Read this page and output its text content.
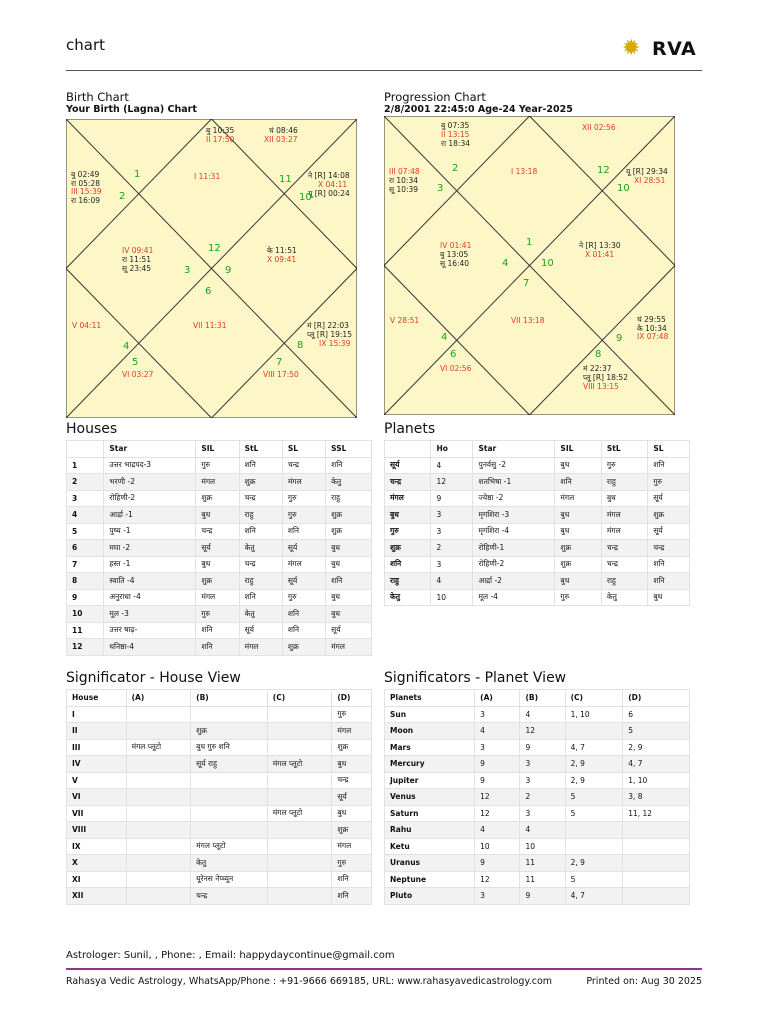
chart	✹ RVA
Birth Chart
Your Birth (Lagna) Chart
बु 10:35
II 17:50
चं 08:46
XII 03:27
बु 02:49
रा 05:28
III 15:39
रा 16:09
I 11:31	ने [R] 14:08
X 04:11
यू [R] 00:24
IV 09:41
रा 11:51
सू 23:45
के 11:51
X 09:41
V 04:11	VII 11:31	मं [R] 22:03
प्लू [R] 19:15
IX 15:39
VI 03:27	VIII 17:50
1
2
11
10
12
3	9
6
4
5
8
7
Progression Chart
2/8/2001 22:45:0 Age-24 Year-2025
बु 07:35
II 13:15
रा 18:34
XII 02:56
III 07:48
रा 10:34
सू 10:39
I 13:18	यू [R] 29:34
XI 28:51
IV 01:41
बु 13:05
सू 16:40
ने [R] 13:30
X 01:41
V 28:51	VII 13:18	चं 29:55
के 10:34
IX 07:48
VI 02:56	मं 22:37
प्लू [R] 18:52
VIII 13:15
2
3
12
10
1
4	10
7
4
6
9
8
Houses
	Star	SIL	StL	SL	SSL
1	उत्तर भाद्रपद-3	गुरु	शनि	चन्द्र	शनि
2	भरणी -2	मंगल	शुक्र	मंगल	केतु
3	रोहिणी-2	शुक्र	चन्द्र	गुरु	राहु
4	आर्द्रा -1	बुध	राहु	गुरु	शुक्र
5	पुष्य -1	चन्द्र	शनि	शनि	शुक्र
6	मघा -2	सूर्य	केतु	सूर्य	बुध
7	हस्त -1	बुध	चन्द्र	मंगल	बुध
8	स्वाति -4	शुक्र	राहु	सूर्य	शनि
9	अनुराधा -4	मंगल	शनि	गुरु	बुध
10	मूल -3	गुरु	केतु	शनि	बुध
11	उत्तर षाढ़-	शनि	सूर्य	शनि	सूर्य
12	धनिष्ठा-4	शनि	मंगल	शुक्र	मंगल
Planets
	Ho	Star	SIL	StL	SL
सूर्य	4	पुनर्वसु -2	बुध	गुरु	शनि
चन्द्र	12	शतभिषा -1	शनि	राहु	गुरु
मंगल	9	ज्येष्ठा -2	मंगल	बुध	सूर्य
बुध	3	मृगशिरा -3	बुध	मंगल	शुक्र
गुरु	3	मृगशिरा -4	बुध	मंगल	सूर्य
शुक्र	2	रोहिणी-1	शुक्र	चन्द्र	चन्द्र
शनि	3	रोहिणी-2	शुक्र	चन्द्र	शनि
राहु	4	आर्द्रा -2	बुध	राहु	शनि
केतु	10	मूल -4	गुरु	केतु	बुध
Significator - House View
House	(A)	(B)	(C)	(D)
I				गुरु
II		शुक्र		मंगल
III	मंगल प्लूटो	बुध गुरु शनि		शुक्र
IV		सूर्य राहु	मंगल प्लूटो	बुध
V				चन्द्र
VI				सूर्य
VII			मंगल प्लूटो	बुध
VIII				शुक्र
IX		मंगल प्लूटो		मंगल
X		केतु		गुरु
XI		यूरेनस नेप्च्यून		शनि
XII		चन्द्र		शनि
Significators - Planet View
Planets	(A)	(B)	(C)	(D)
Sun	3	4	1, 10	6
Moon	4	12		5
Mars	3	9	4, 7	2, 9
Mercury	9	3	2, 9	4, 7
Jupiter	9	3	2, 9	1, 10
Venus	12	2	5	3, 8
Saturn	12	3	5	11, 12
Rahu	4	4		
Ketu	10	10		
Uranus	9	11	2, 9	
Neptune	12	11	5	
Pluto	3	9	4, 7	
Astrologer: Sunil, , Phone: , Email: happydaycontinue@gmail.com
Rahasya Vedic Astrology, WhatsApp/Phone : +91-9666 669185, URL: www.rahasyavedicastrology.com	Printed on: Aug 30 2025
